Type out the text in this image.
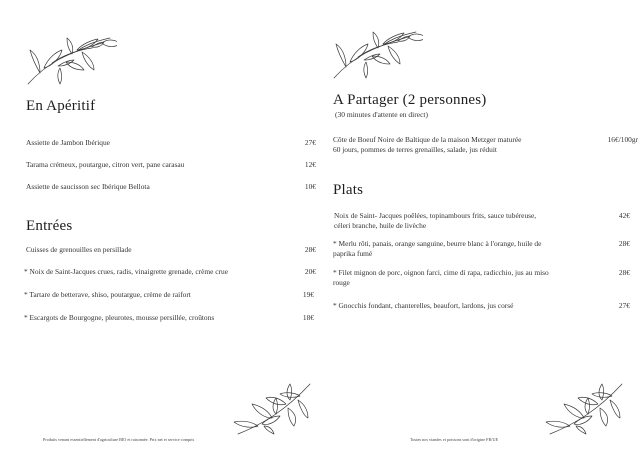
En Apéritif
Assiette de Jambon Ibérique	27€
Tarama crémeux, poutargue, citron vert, pane carasau	12€
Assiette de saucisson sec Ibérique Bellota	10€
Entrées
Cuisses de grenouilles en persillade	28€
* Noix de Saint-Jacques crues, radis, vinaigrette grenade, crème crue	20€
* Tartare de betterave, shiso, poutargue, crème de raifort	19€
* Escargots de Bourgogne, pleurotes, mousse persillée, croûtons	18€
Produits venant essentiellement d'agriculture BIO et raisonnée. Prix net et service compris
A Partager (2 personnes)
(30 minutes d'attente en direct)
Côte de Boeuf Noire de Baltique de la maison Metzger maturée
60 jours, pommes de terres grenailles, salade, jus réduit
16€/100gr
Plats
Noix de Saint- Jacques poêlées, topinambours frits, sauce tubéreuse,
céleri branche, huile de livèche
42€
* Merlu rôti, panais, orange sanguine, beurre blanc à l'orange, huile de
paprika fumé
28€
* Filet mignon de porc, oignon farci, cime di rapa, radicchio, jus au miso
rouge
28€
* Gnocchis fondant, chanterelles, beaufort, lardons, jus corsé	27€
Toutes nos viandes et poissons sont d'origine FR/UE
